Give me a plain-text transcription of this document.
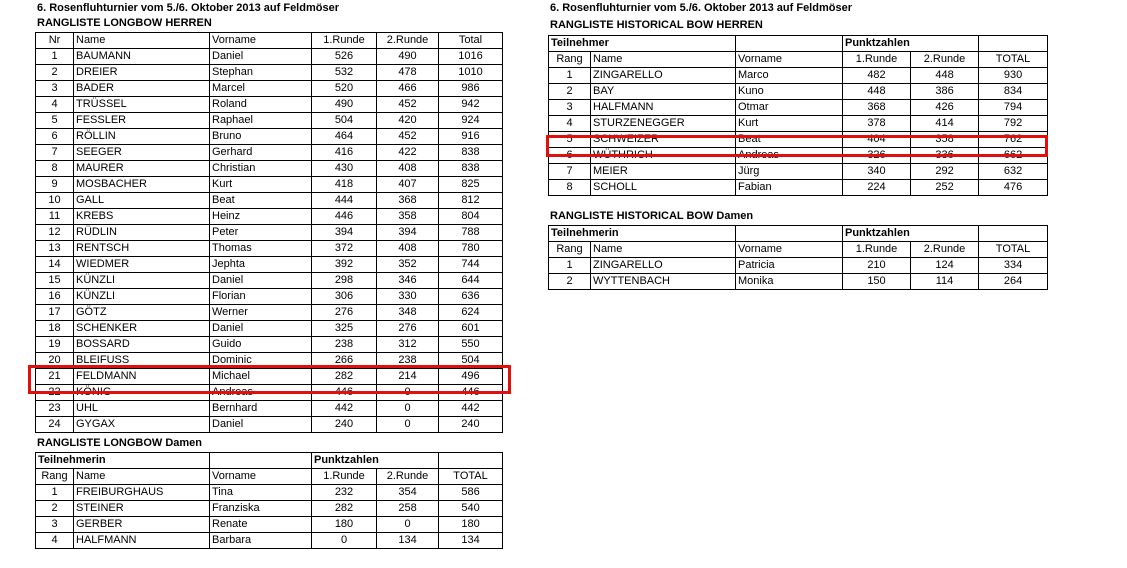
6. Rosenfluhturnier vom 5./6. Oktober 2013 auf Feldmöser
RANGLISTE LONGBOW HERREN
Nr	Name	Vorname	1.Runde	2.Runde	Total
1	BAUMANN	Daniel	526	490	1016
2	DREIER	Stephan	532	478	1010
3	BADER	Marcel	520	466	986
4	TRÜSSEL	Roland	490	452	942
5	FESSLER	Raphael	504	420	924
6	RÖLLIN	Bruno	464	452	916
7	SEEGER	Gerhard	416	422	838
8	MAURER	Christian	430	408	838
9	MOSBACHER	Kurt	418	407	825
10	GALL	Beat	444	368	812
11	KREBS	Heinz	446	358	804
12	RÜDLIN	Peter	394	394	788
13	RENTSCH	Thomas	372	408	780
14	WIEDMER	Jephta	392	352	744
15	KÜNZLI	Daniel	298	346	644
16	KÜNZLI	Florian	306	330	636
17	GÖTZ	Werner	276	348	624
18	SCHENKER	Daniel	325	276	601
19	BOSSARD	Guido	238	312	550
20	BLEIFUSS	Dominic	266	238	504
21	FELDMANN	Michael	282	214	496
22	KÖNIG	Andreas	446	0	446
23	UHL	Bernhard	442	0	442
24	GYGAX	Daniel	240	0	240
RANGLISTE LONGBOW Damen
Teilnehmerin			Punktzahlen		
Rang	Name	Vorname	1.Runde	2.Runde	TOTAL
1	FREIBURGHAUS	Tina	232	354	586
2	STEINER	Franziska	282	258	540
3	GERBER	Renate	180	0	180
4	HALFMANN	Barbara	0	134	134
6. Rosenfluhturnier vom 5./6. Oktober 2013 auf Feldmöser
RANGLISTE HISTORICAL BOW HERREN
Teilnehmer			Punktzahlen		
Rang	Name	Vorname	1.Runde	2.Runde	TOTAL
1	ZINGARELLO	Marco	482	448	930
2	BAY	Kuno	448	386	834
3	HALFMANN	Otmar	368	426	794
4	STURZENEGGER	Kurt	378	414	792
5	SCHWEIZER	Beat	404	358	762
6	WÜTHRICH	Andreas	326	336	662
7	MEIER	Jürg	340	292	632
8	SCHOLL	Fabian	224	252	476
RANGLISTE HISTORICAL BOW Damen
Teilnehmerin			Punktzahlen		
Rang	Name	Vorname	1.Runde	2.Runde	TOTAL
1	ZINGARELLO	Patricia	210	124	334
2	WYTTENBACH	Monika	150	114	264
